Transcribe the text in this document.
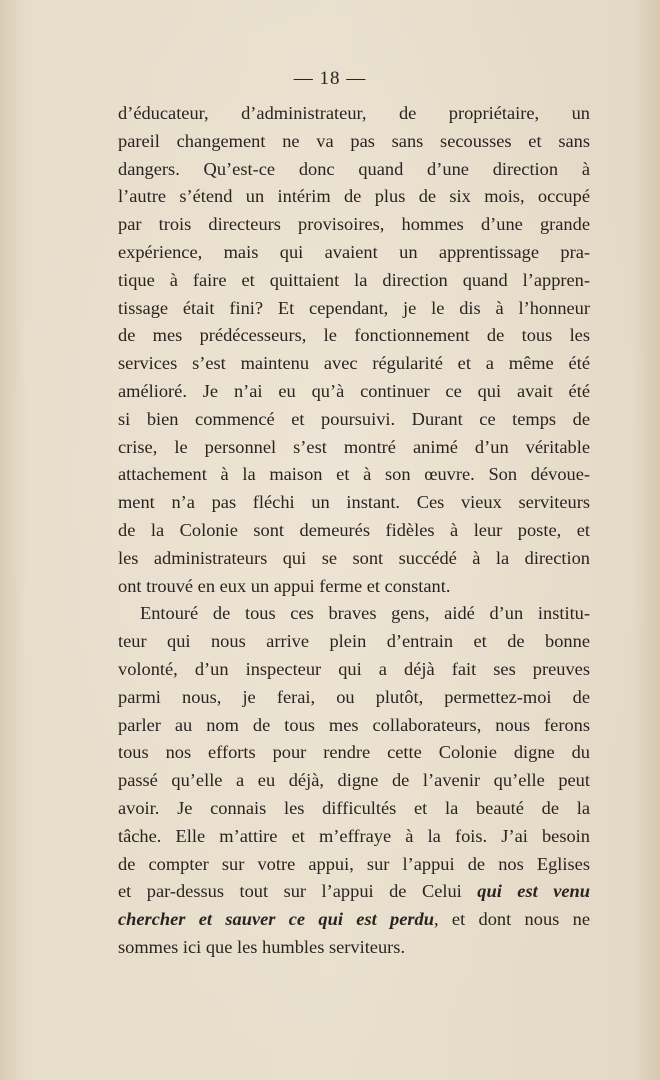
— 18 —
d’éducateur, d’administrateur, de propriétaire, un
pareil changement ne va pas sans secousses et sans
dangers. Qu’est-ce donc quand d’une direction à
l’autre s’étend un intérim de plus de six mois, occupé
par trois directeurs provisoires, hommes d’une grande
expérience, mais qui avaient un apprentissage pra-
tique à faire et quittaient la direction quand l’appren-
tissage était fini? Et cependant, je le dis à l’honneur
de mes prédécesseurs, le fonctionnement de tous les
services s’est maintenu avec régularité et a même été
amélioré. Je n’ai eu qu’à continuer ce qui avait été
si bien commencé et poursuivi. Durant ce temps de
crise, le personnel s’est montré animé d’un véritable
attachement à la maison et à son œuvre. Son dévoue-
ment n’a pas fléchi un instant. Ces vieux serviteurs
de la Colonie sont demeurés fidèles à leur poste, et
les administrateurs qui se sont succédé à la direction
ont trouvé en eux un appui ferme et constant.
Entouré de tous ces braves gens, aidé d’un institu-
teur qui nous arrive plein d’entrain et de bonne
volonté, d’un inspecteur qui a déjà fait ses preuves
parmi nous, je ferai, ou plutôt, permettez-moi de
parler au nom de tous mes collaborateurs, nous ferons
tous nos efforts pour rendre cette Colonie digne du
passé qu’elle a eu déjà, digne de l’avenir qu’elle peut
avoir. Je connais les difficultés et la beauté de la
tâche. Elle m’attire et m’effraye à la fois. J’ai besoin
de compter sur votre appui, sur l’appui de nos Eglises
et par-dessus tout sur l’appui de Celui qui est venu
chercher et sauver ce qui est perdu, et dont nous ne
sommes ici que les humbles serviteurs.
